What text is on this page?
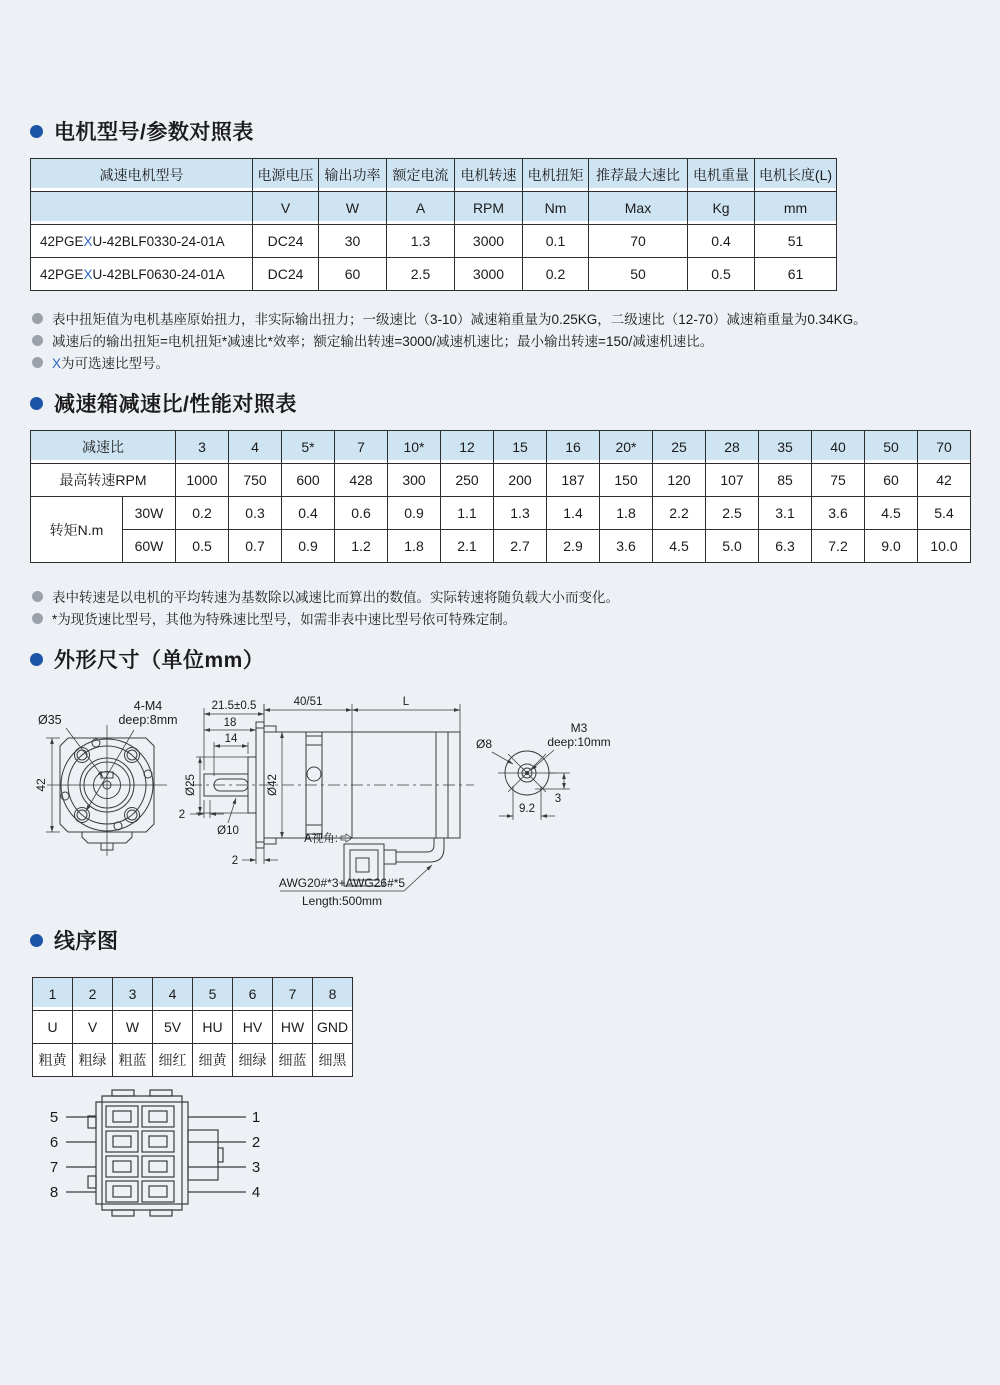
电机型号/参数对照表
减速电机型号	电源电压	输出功率	额定电流	电机转速	电机扭矩	推荐最大速比	电机重量	电机长度(L)
	V	W	A	RPM	Nm	Max	Kg	mm
42PGEXU-42BLF0330-24-01A	DC24	30	1.3	3000	0.1	70	0.4	51
42PGEXU-42BLF0630-24-01A	DC24	60	2.5	3000	0.2	50	0.5	61
表中扭矩值为电机基座原始扭力，非实际输出扭力；一级速比（3-10）减速箱重量为0.25KG，二级速比（12-70）减速箱重量为0.34KG。
减速后的输出扭矩=电机扭矩*减速比*效率；额定输出转速=3000/减速机速比；最小输出转速=150/减速机速比。
X为可选速比型号。
减速箱减速比/性能对照表
减速比		3	4	5*	7	10*	12	15	16	20*	25	28	35	40	50	70
最高转速RPM		1000	750	600	428	300	250	200	187	150	120	107	85	75	60	42
转矩N.m	30W	0.2	0.3	0.4	0.6	0.9	1.1	1.3	1.4	1.8	2.2	2.5	3.1	3.6	4.5	5.4
	60W	0.5	0.7	0.9	1.2	1.8	2.1	2.7	2.9	3.6	4.5	5.0	6.3	7.2	9.0	10.0
表中转速是以电机的平均转速为基数除以减速比而算出的数值。实际转速将随负载大小而变化。
*为现货速比型号，其他为特殊速比型号，如需非表中速比型号依可特殊定制。
外形尺寸（单位mm）
42
Ø35
4-M4
deep:8mm
21.5±0.5
18
14
Ø25
Ø10
2
2
40/51	L
Ø42
A视角:
AWG20#*3+AWG26#*5
Length:500mm
Ø8
M3
deep:10mm
9.2
3
线序图
1	2	3	4	5	6	7	8
U	V	W	5V	HU	HV	HW	GND
粗黄	粗绿	粗蓝	细红	细黄	细绿	细蓝	细黑
5
6
7
8
1
2
3
4
